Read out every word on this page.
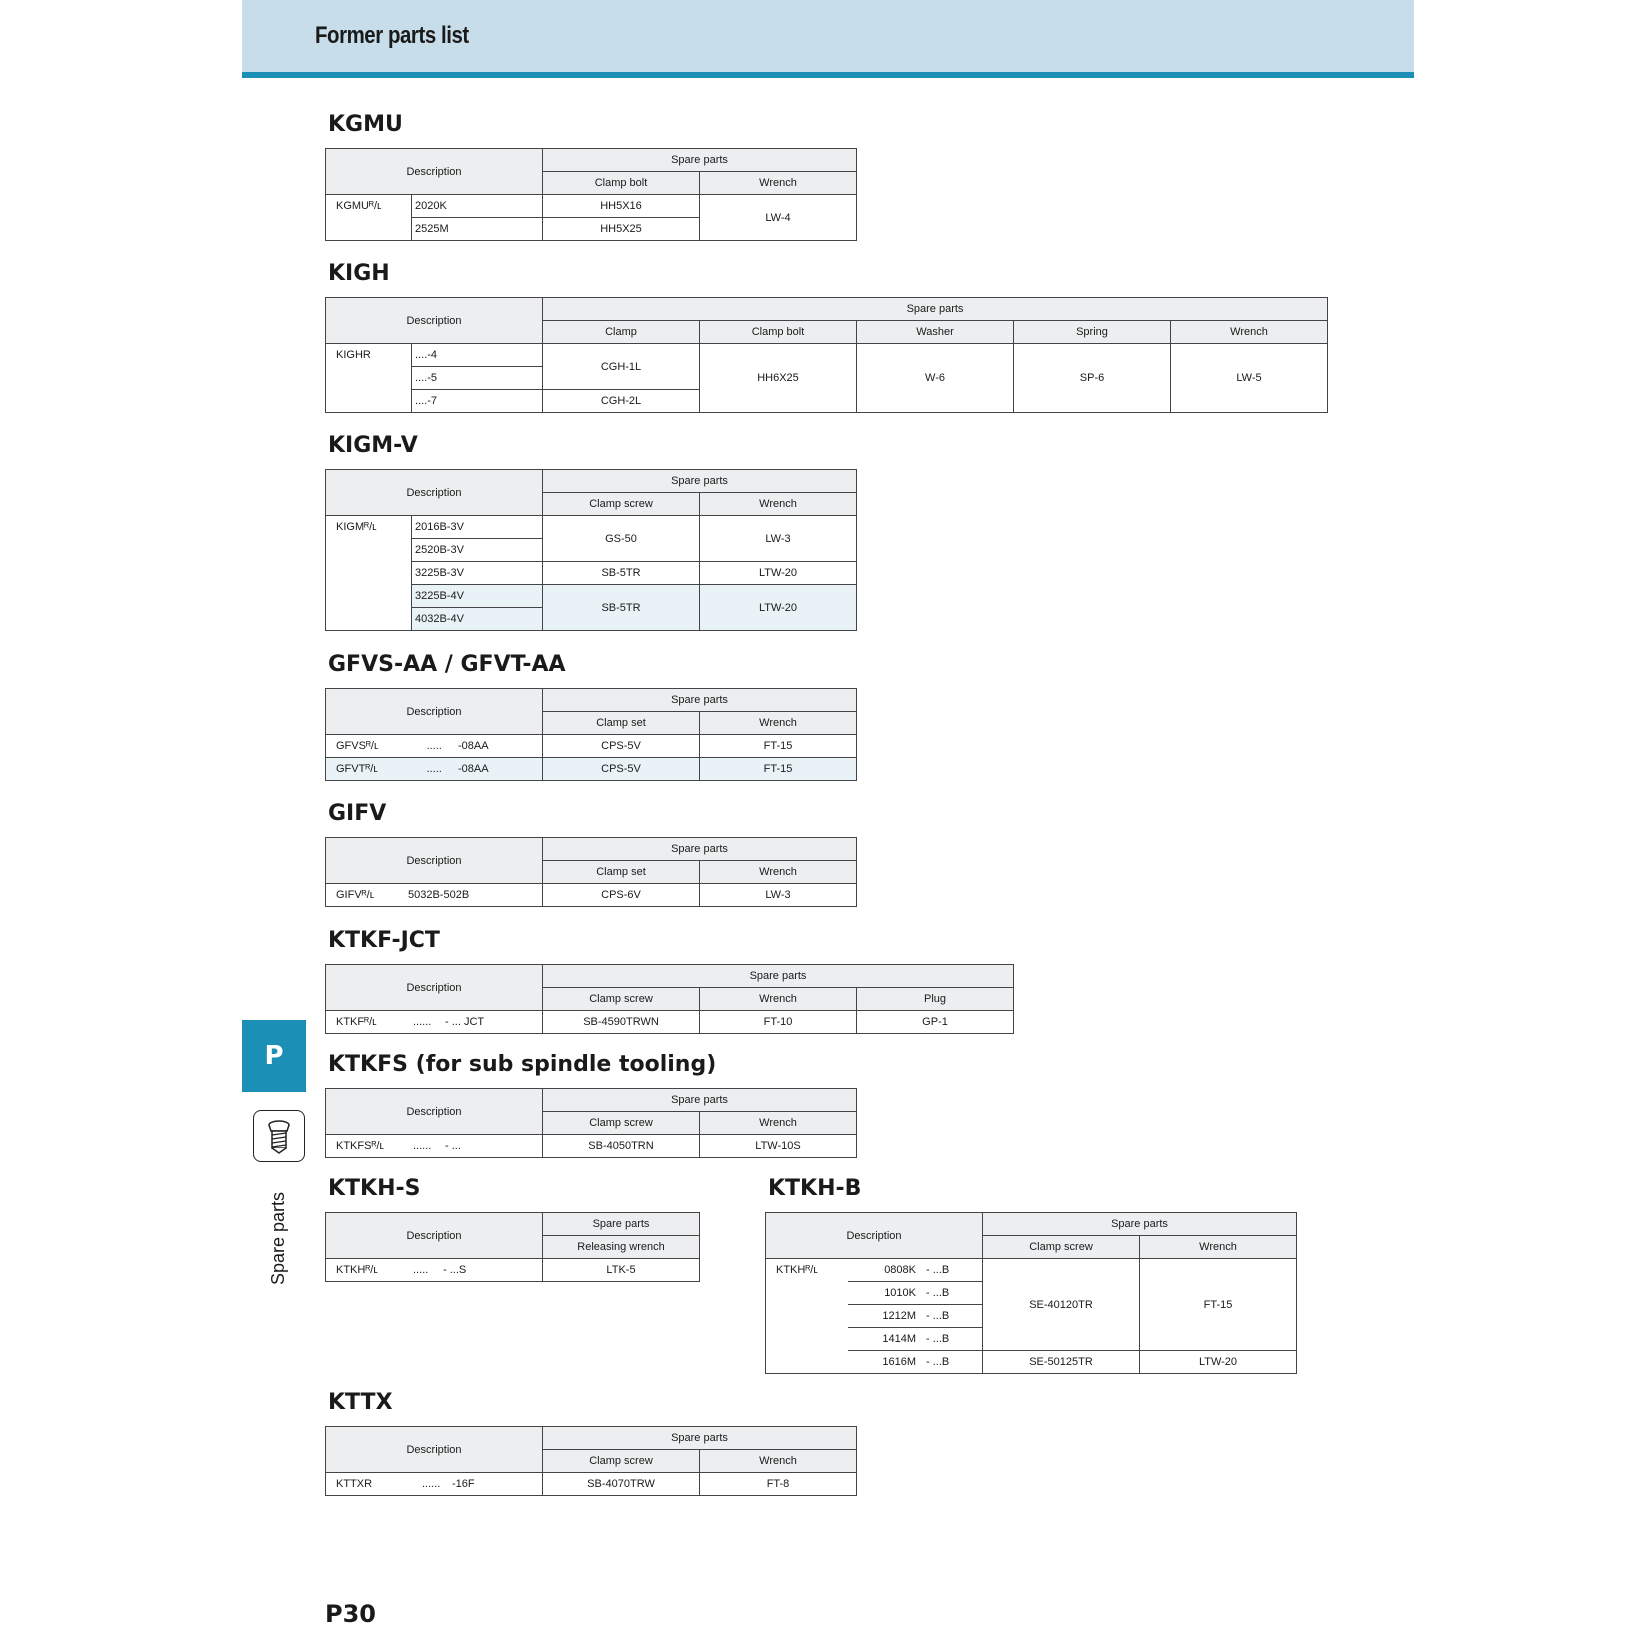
Former parts list
KGMU
Description		Spare parts	
		Clamp bolt	Wrench
KGMUᴿ/ʟ	2020K	HH5X16	LW-4
	2525M	HH5X25	
KIGH
Description		Spare parts				
		Clamp	Clamp bolt	Washer	Spring	Wrench
KIGHR	....-4	CGH-1L	HH6X25	W-6	SP-6	LW-5
	....-5					
	....-7	CGH-2L				
KIGM-V
Description		Spare parts	
		Clamp screw	Wrench
KIGMᴿ/ʟ	2016B-3V	GS-50	LW-3
	2520B-3V		
	3225B-3V	SB-5TR	LTW-20
	3225B-4V	SB-5TR	LTW-20
	4032B-4V		
GFVS-AA / GFVT-AA
Description			Spare parts	
			Clamp set	Wrench
GFVSᴿ/ʟ	.....	-08AA	CPS-5V	FT-15
GFVTᴿ/ʟ	.....	-08AA	CPS-5V	FT-15
GIFV
Description		Spare parts	
		Clamp set	Wrench
GIFVᴿ/ʟ	5032B-502B	CPS-6V	LW-3
KTKF-JCT
Description			Spare parts		
			Clamp screw	Wrench	Plug
KTKFᴿ/ʟ	......	- ... JCT	SB-4590TRWN	FT-10	GP-1
KTKFS (for sub spindle tooling)
Description			Spare parts	
			Clamp screw	Wrench
KTKFSᴿ/ʟ	......	- ...	SB-4050TRN	LTW-10S
KTKH-S
Description			Spare parts
			Releasing wrench
KTKHᴿ/ʟ	.....	- ...S	LTK-5
KTKH-B
Description			Spare parts	
			Clamp screw	Wrench
KTKHᴿ/ʟ	0808K	- ...B	SE-40120TR	FT-15
	1010K	- ...B		
	1212M	- ...B		
	1414M	- ...B		
	1616M	- ...B	SE-50125TR	LTW-20
KTTX
Description			Spare parts	
			Clamp screw	Wrench
KTTXR	......	-16F	SB-4070TRW	FT-8
P
Spare parts
P30
